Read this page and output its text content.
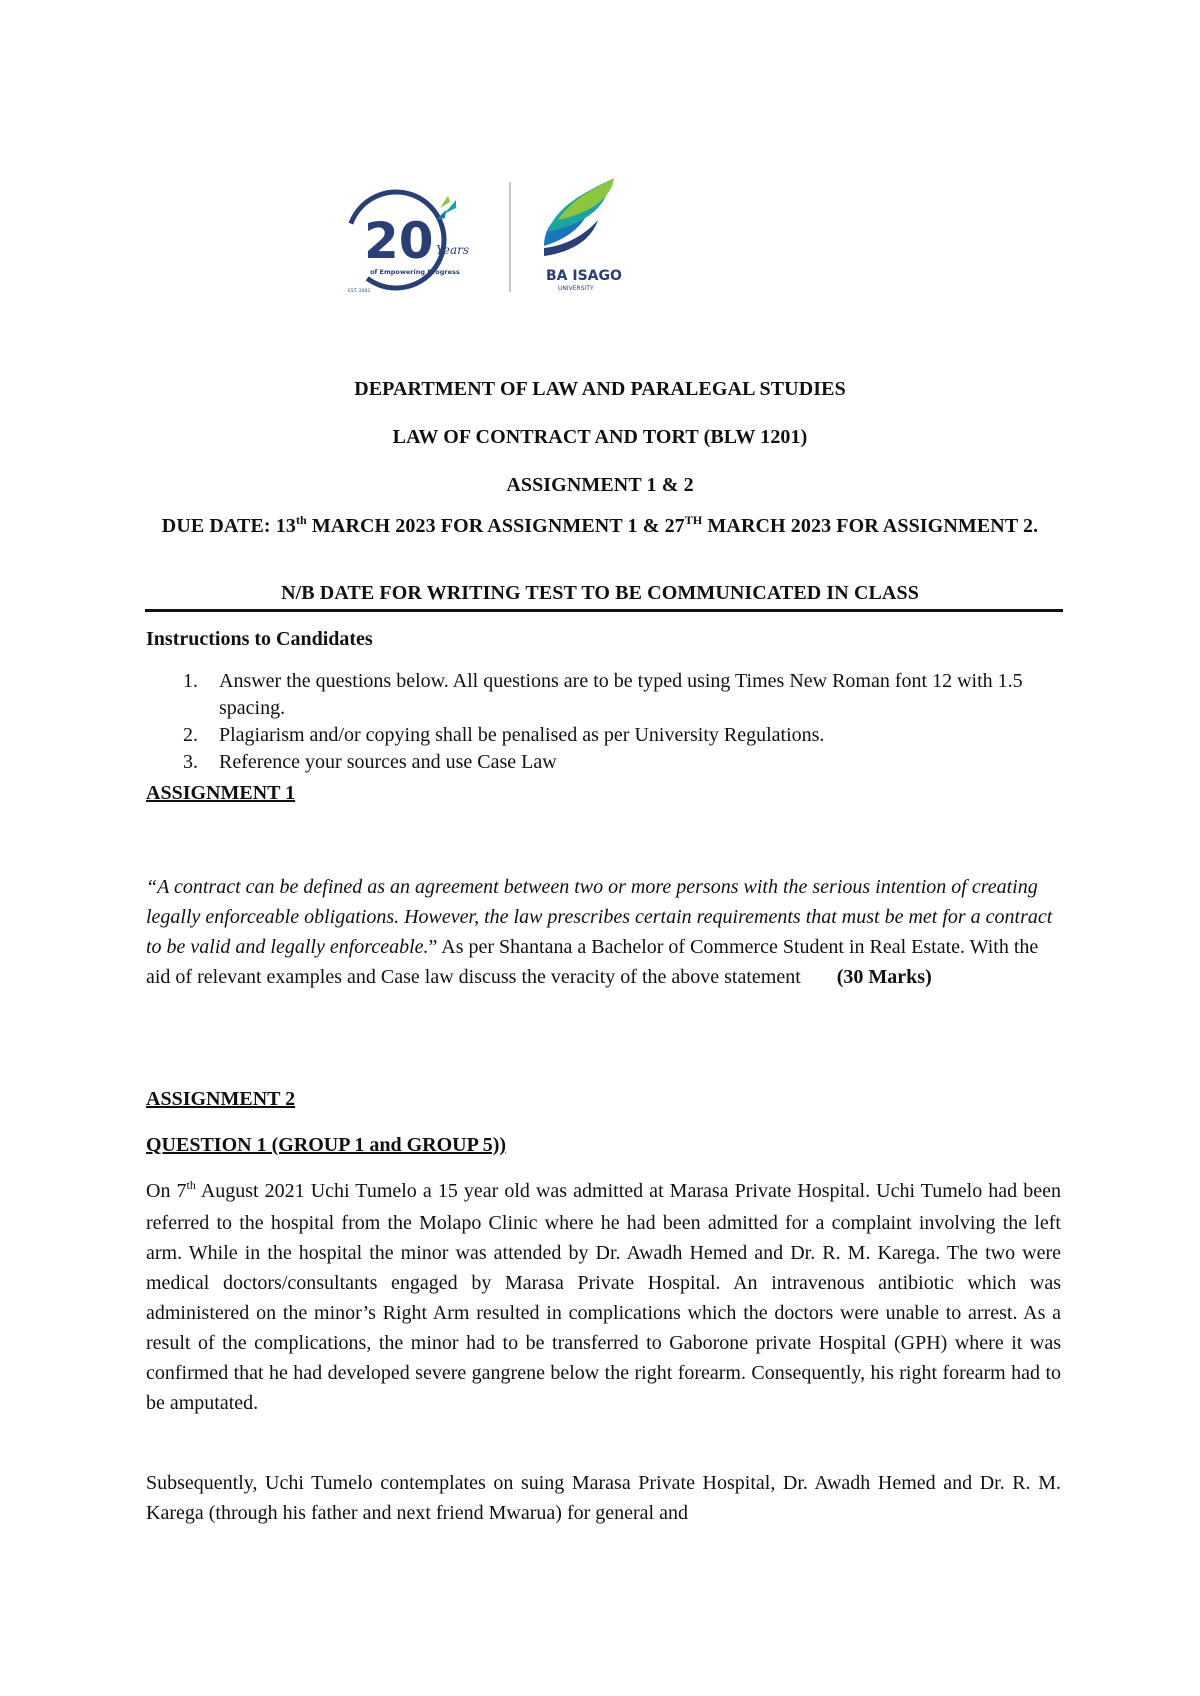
20 Years
of Empowering Progress
EST. 2002
BA ISAGO
UNIVERSITY
DEPARTMENT OF LAW AND PARALEGAL STUDIES
LAW OF CONTRACT AND TORT (BLW 1201)
ASSIGNMENT 1 & 2
DUE DATE: 13th MARCH 2023 FOR ASSIGNMENT 1 & 27TH MARCH 2023 FOR ASSIGNMENT 2.
N/B DATE FOR WRITING TEST TO BE COMMUNICATED IN CLASS
Instructions to Candidates
1. Answer the questions below. All questions are to be typed using Times New Roman font 12 with 1.5 spacing.
2. Plagiarism and/or copying shall be penalised as per University Regulations.
3. Reference your sources and use Case Law
ASSIGNMENT 1
“A contract can be defined as an agreement between two or more persons with the serious intention of creating legally enforceable obligations. However, the law prescribes certain requirements that must be met for a contract to be valid and legally enforceable.” As per Shantana a Bachelor of Commerce Student in Real Estate. With the aid of relevant examples and Case law discuss the veracity of the above statement (30 Marks)
ASSIGNMENT 2
QUESTION 1 (GROUP 1 and GROUP 5))
On 7th August 2021 Uchi Tumelo a 15 year old was admitted at Marasa Private Hospital. Uchi Tumelo had been referred to the hospital from the Molapo Clinic where he had been admitted for a complaint involving the left arm. While in the hospital the minor was attended by Dr. Awadh Hemed and Dr. R. M. Karega. The two were medical doctors/consultants engaged by Marasa Private Hospital. An intravenous antibiotic which was administered on the minor’s Right Arm resulted in complications which the doctors were unable to arrest. As a result of the complications, the minor had to be transferred to Gaborone private Hospital (GPH) where it was confirmed that he had developed severe gangrene below the right forearm. Consequently, his right forearm had to be amputated.
Subsequently, Uchi Tumelo contemplates on suing Marasa Private Hospital, Dr. Awadh Hemed and Dr. R. M. Karega (through his father and next friend Mwarua) for general and
